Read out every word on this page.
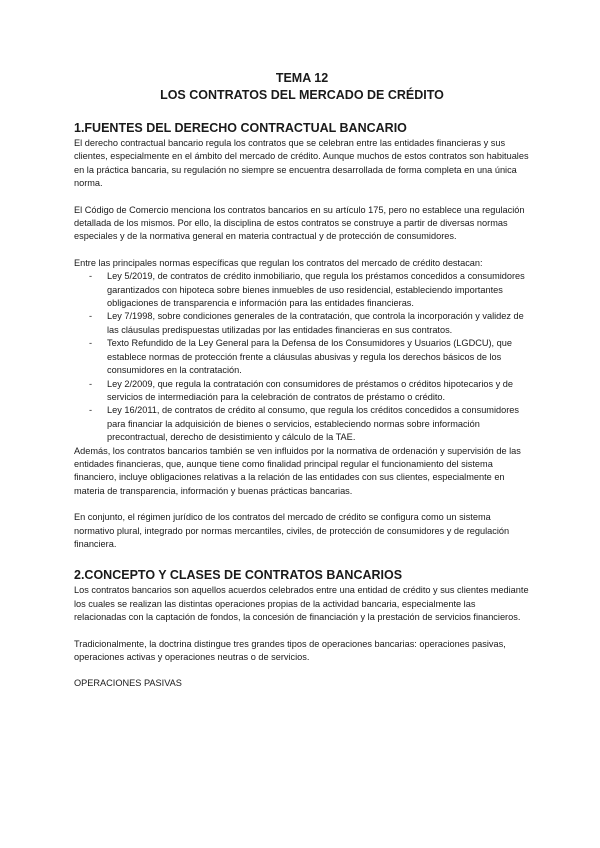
TEMA 12
LOS CONTRATOS DEL MERCADO DE CRÉDITO
1.FUENTES DEL DERECHO CONTRACTUAL BANCARIO

El derecho contractual bancario regula los contratos que se celebran entre las entidades financieras y sus clientes, especialmente en el ámbito del mercado de crédito. Aunque muchos de estos contratos son habituales en la práctica bancaria, su regulación no siempre se encuentra desarrollada de forma completa en una única norma.

El Código de Comercio menciona los contratos bancarios en su artículo 175, pero no establece una regulación detallada de los mismos. Por ello, la disciplina de estos contratos se construye a partir de diversas normas especiales y de la normativa general en materia contractual y de protección de consumidores.

Entre las principales normas específicas que regulan los contratos del mercado de crédito destacan:

- Ley 5/2019, de contratos de crédito inmobiliario, que regula los préstamos concedidos a consumidores garantizados con hipoteca sobre bienes inmuebles de uso residencial, estableciendo importantes obligaciones de transparencia e información para las entidades financieras.
- Ley 7/1998, sobre condiciones generales de la contratación, que controla la incorporación y validez de las cláusulas predispuestas utilizadas por las entidades financieras en sus contratos.
- Texto Refundido de la Ley General para la Defensa de los Consumidores y Usuarios (LGDCU), que establece normas de protección frente a cláusulas abusivas y regula los derechos básicos de los consumidores en la contratación.
- Ley 2/2009, que regula la contratación con consumidores de préstamos o créditos hipotecarios y de servicios de intermediación para la celebración de contratos de préstamo o crédito.
- Ley 16/2011, de contratos de crédito al consumo, que regula los créditos concedidos a consumidores para financiar la adquisición de bienes o servicios, estableciendo normas sobre información precontractual, derecho de desistimiento y cálculo de la TAE.

Además, los contratos bancarios también se ven influidos por la normativa de ordenación y supervisión de las entidades financieras, que, aunque tiene como finalidad principal regular el funcionamiento del sistema financiero, incluye obligaciones relativas a la relación de las entidades con sus clientes, especialmente en materia de transparencia, información y buenas prácticas bancarias.

En conjunto, el régimen jurídico de los contratos del mercado de crédito se configura como un sistema normativo plural, integrado por normas mercantiles, civiles, de protección de consumidores y de regulación financiera.

2.CONCEPTO Y CLASES DE CONTRATOS BANCARIOS

Los contratos bancarios son aquellos acuerdos celebrados entre una entidad de crédito y sus clientes mediante los cuales se realizan las distintas operaciones propias de la actividad bancaria, especialmente las relacionadas con la captación de fondos, la concesión de financiación y la prestación de servicios financieros.

Tradicionalmente, la doctrina distingue tres grandes tipos de operaciones bancarias: operaciones pasivas, operaciones activas y operaciones neutras o de servicios.

OPERACIONES PASIVAS
